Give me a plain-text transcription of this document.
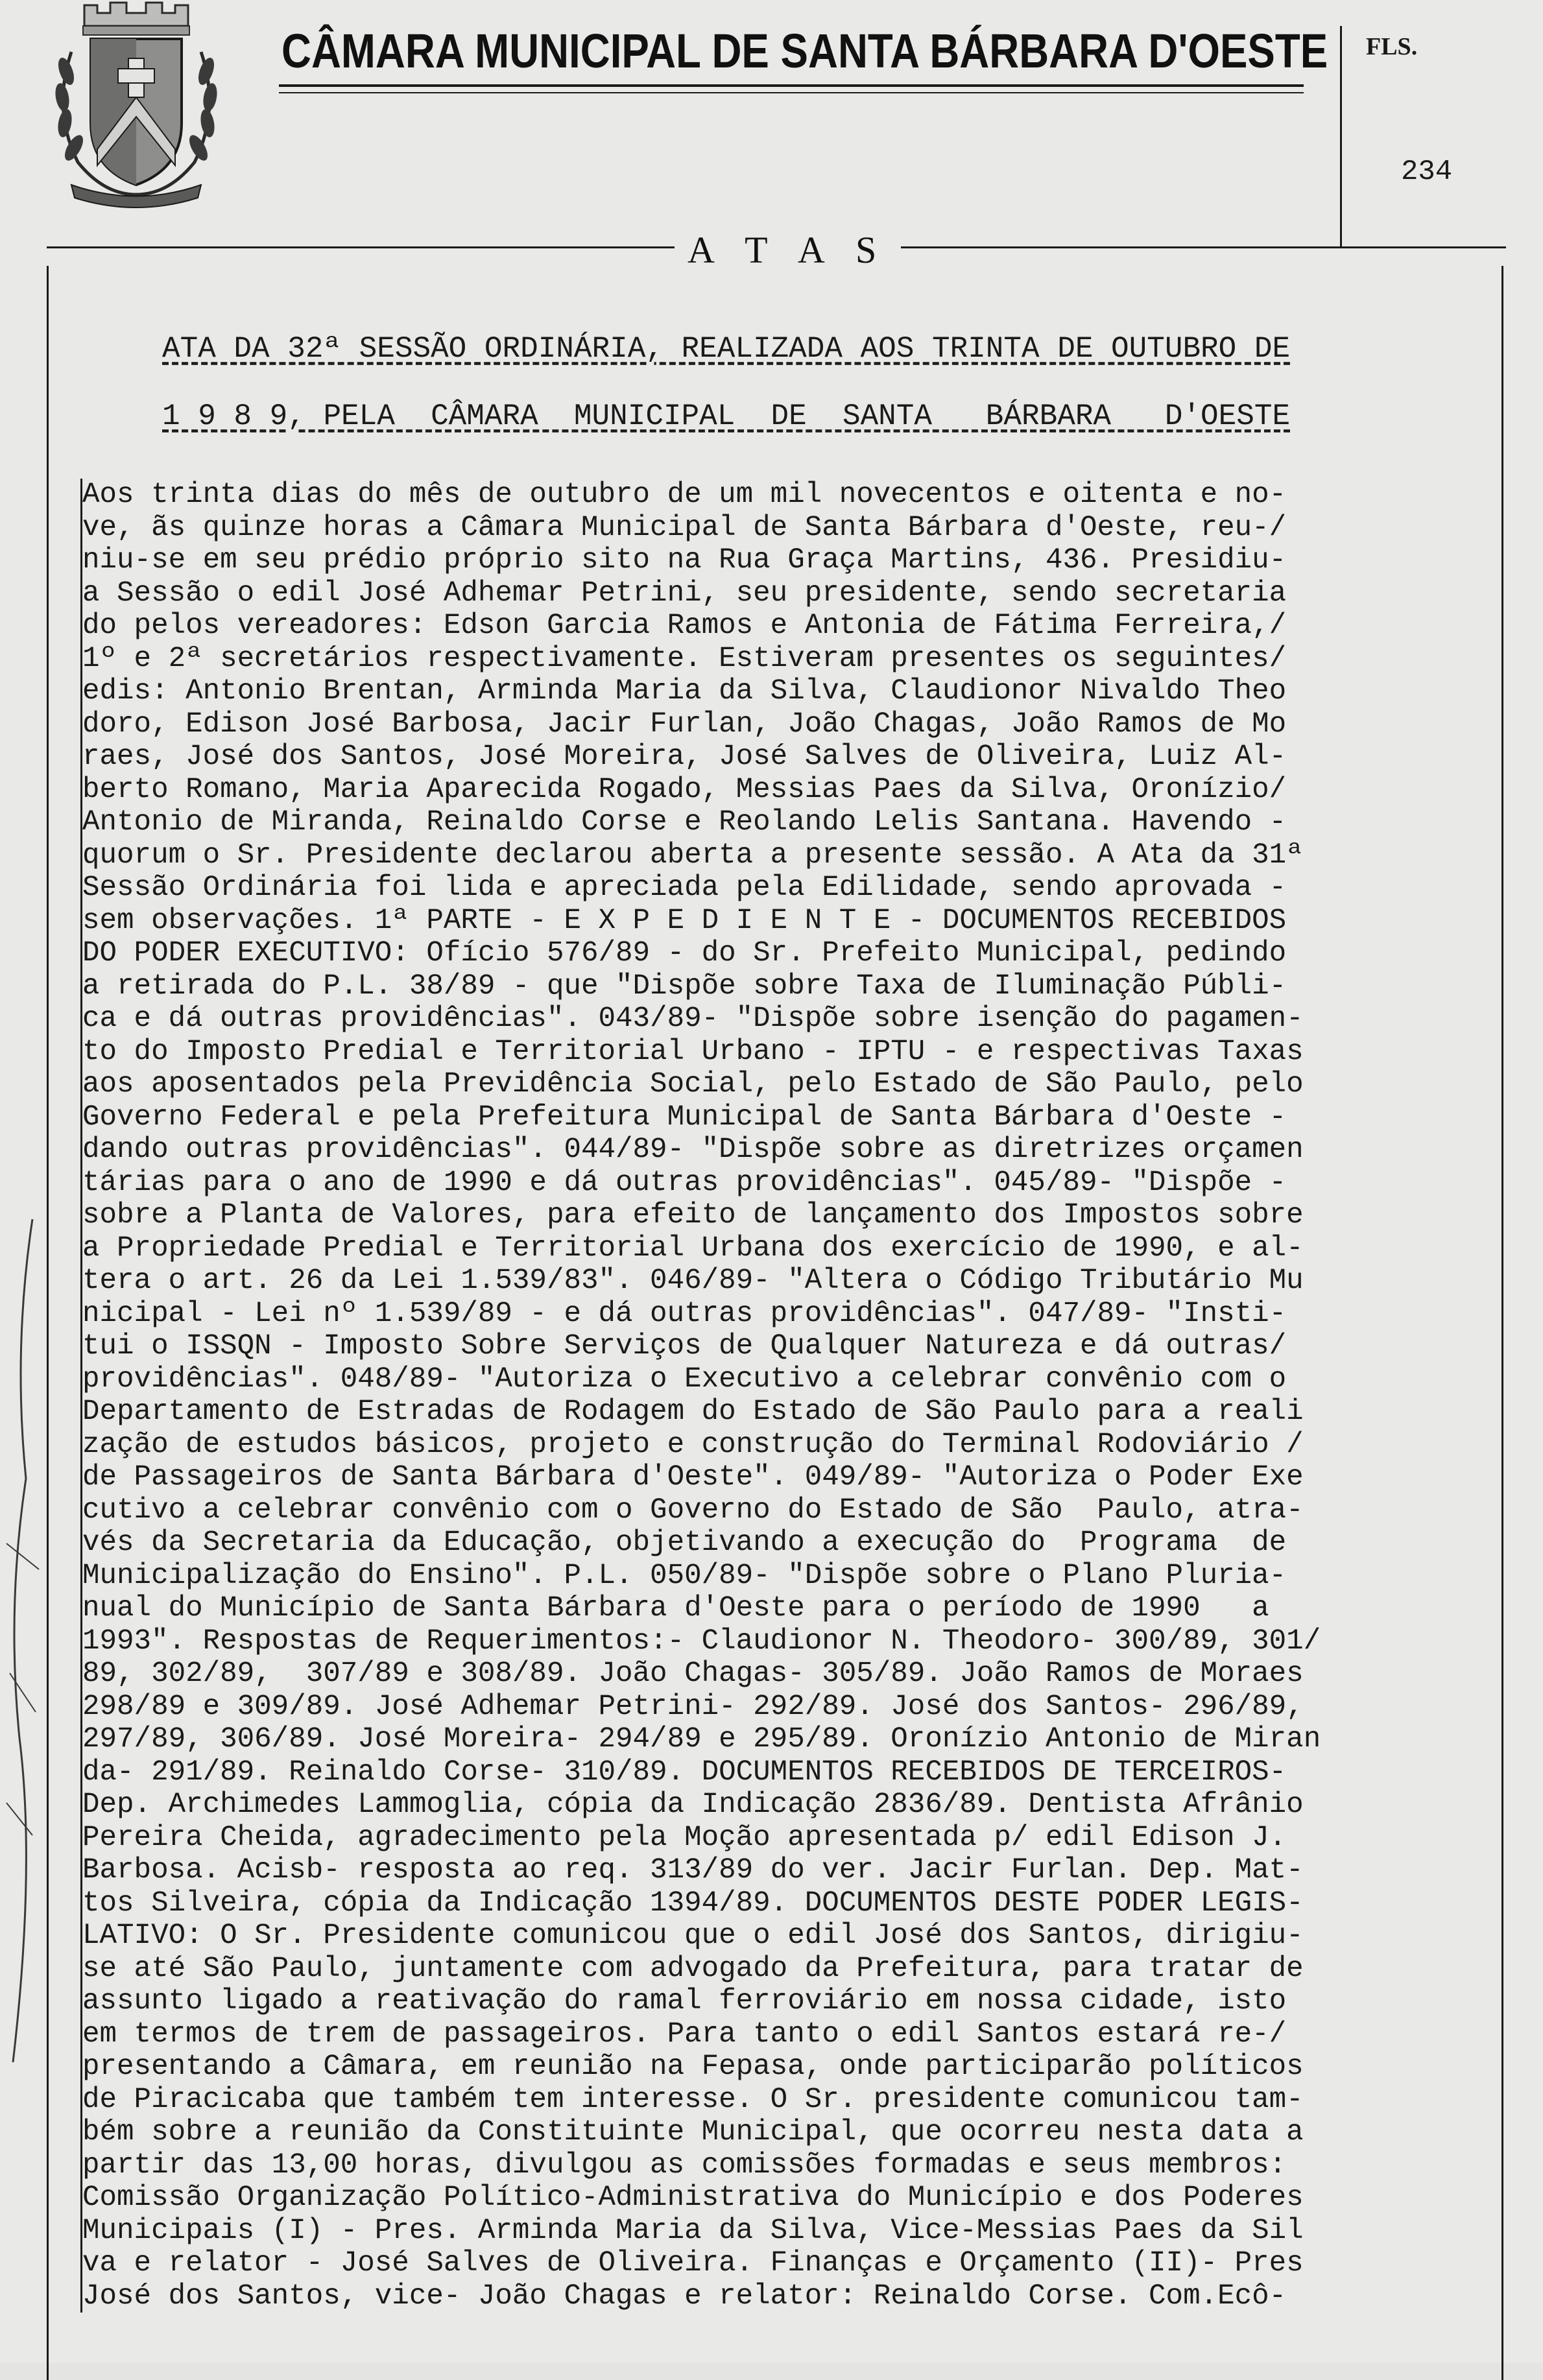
CÂMARA MUNICIPAL DE SANTA BÁRBARA D'OESTE FLS.
234
A T A S
ATA DA 32ª SESSÃO ORDINÁRIA, REALIZADA AOS TRINTA DE OUTUBRO DE
1 9 8 9, PELA  CÂMARA  MUNICIPAL  DE  SANTA   BÁRBARA   D'OESTE
Aos trinta dias do mês de outubro de um mil novecentos e oitenta e no-
ve, ãs quinze horas a Câmara Municipal de Santa Bárbara d'Oeste, reu-/
niu-se em seu prédio próprio sito na Rua Graça Martins, 436. Presidiu-
a Sessão o edil José Adhemar Petrini, seu presidente, sendo secretaria
do pelos vereadores: Edson Garcia Ramos e Antonia de Fátima Ferreira,/
1º e 2ª secretários respectivamente. Estiveram presentes os seguintes/
edis: Antonio Brentan, Arminda Maria da Silva, Claudionor Nivaldo Theo
doro, Edison José Barbosa, Jacir Furlan, João Chagas, João Ramos de Mo
raes, José dos Santos, José Moreira, José Salves de Oliveira, Luiz Al-
berto Romano, Maria Aparecida Rogado, Messias Paes da Silva, Oronízio/
Antonio de Miranda, Reinaldo Corse e Reolando Lelis Santana. Havendo -
quorum o Sr. Presidente declarou aberta a presente sessão. A Ata da 31ª
Sessão Ordinária foi lida e apreciada pela Edilidade, sendo aprovada -
sem observações. 1ª PARTE - E X P E D I E N T E - DOCUMENTOS RECEBIDOS
DO PODER EXECUTIVO: Ofício 576/89 - do Sr. Prefeito Municipal, pedindo
a retirada do P.L. 38/89 - que "Dispõe sobre Taxa de Iluminação Públi-
ca e dá outras providências". 043/89- "Dispõe sobre isenção do pagamen-
to do Imposto Predial e Territorial Urbano - IPTU - e respectivas Taxas
aos aposentados pela Previdência Social, pelo Estado de São Paulo, pelo
Governo Federal e pela Prefeitura Municipal de Santa Bárbara d'Oeste -
dando outras providências". 044/89- "Dispõe sobre as diretrizes orçamen
tárias para o ano de 1990 e dá outras providências". 045/89- "Dispõe -
sobre a Planta de Valores, para efeito de lançamento dos Impostos sobre
a Propriedade Predial e Territorial Urbana dos exercício de 1990, e al-
tera o art. 26 da Lei 1.539/83". 046/89- "Altera o Código Tributário Mu
nicipal - Lei nº 1.539/89 - e dá outras providências". 047/89- "Insti-
tui o ISSQN - Imposto Sobre Serviços de Qualquer Natureza e dá outras/
providências". 048/89- "Autoriza o Executivo a celebrar convênio com o
Departamento de Estradas de Rodagem do Estado de São Paulo para a reali
zação de estudos básicos, projeto e construção do Terminal Rodoviário /
de Passageiros de Santa Bárbara d'Oeste". 049/89- "Autoriza o Poder Exe
cutivo a celebrar convênio com o Governo do Estado de São  Paulo, atra-
vés da Secretaria da Educação, objetivando a execução do  Programa  de
Municipalização do Ensino". P.L. 050/89- "Dispõe sobre o Plano Pluria-
nual do Município de Santa Bárbara d'Oeste para o período de 1990   a
1993". Respostas de Requerimentos:- Claudionor N. Theodoro- 300/89, 301/
89, 302/89,  307/89 e 308/89. João Chagas- 305/89. João Ramos de Moraes
298/89 e 309/89. José Adhemar Petrini- 292/89. José dos Santos- 296/89,
297/89, 306/89. José Moreira- 294/89 e 295/89. Oronízio Antonio de Miran
da- 291/89. Reinaldo Corse- 310/89. DOCUMENTOS RECEBIDOS DE TERCEIROS-
Dep. Archimedes Lammoglia, cópia da Indicação 2836/89. Dentista Afrânio
Pereira Cheida, agradecimento pela Moção apresentada p/ edil Edison J.
Barbosa. Acisb- resposta ao req. 313/89 do ver. Jacir Furlan. Dep. Mat-
tos Silveira, cópia da Indicação 1394/89. DOCUMENTOS DESTE PODER LEGIS-
LATIVO: O Sr. Presidente comunicou que o edil José dos Santos, dirigiu-
se até São Paulo, juntamente com advogado da Prefeitura, para tratar de
assunto ligado a reativação do ramal ferroviário em nossa cidade, isto
em termos de trem de passageiros. Para tanto o edil Santos estará re-/
presentando a Câmara, em reunião na Fepasa, onde participarão políticos
de Piracicaba que também tem interesse. O Sr. presidente comunicou tam-
bém sobre a reunião da Constituinte Municipal, que ocorreu nesta data a
partir das 13,00 horas, divulgou as comissões formadas e seus membros:
Comissão Organização Político-Administrativa do Município e dos Poderes
Municipais (I) - Pres. Arminda Maria da Silva, Vice-Messias Paes da Sil
va e relator - José Salves de Oliveira. Finanças e Orçamento (II)- Pres
José dos Santos, vice- João Chagas e relator: Reinaldo Corse. Com.Ecô-
